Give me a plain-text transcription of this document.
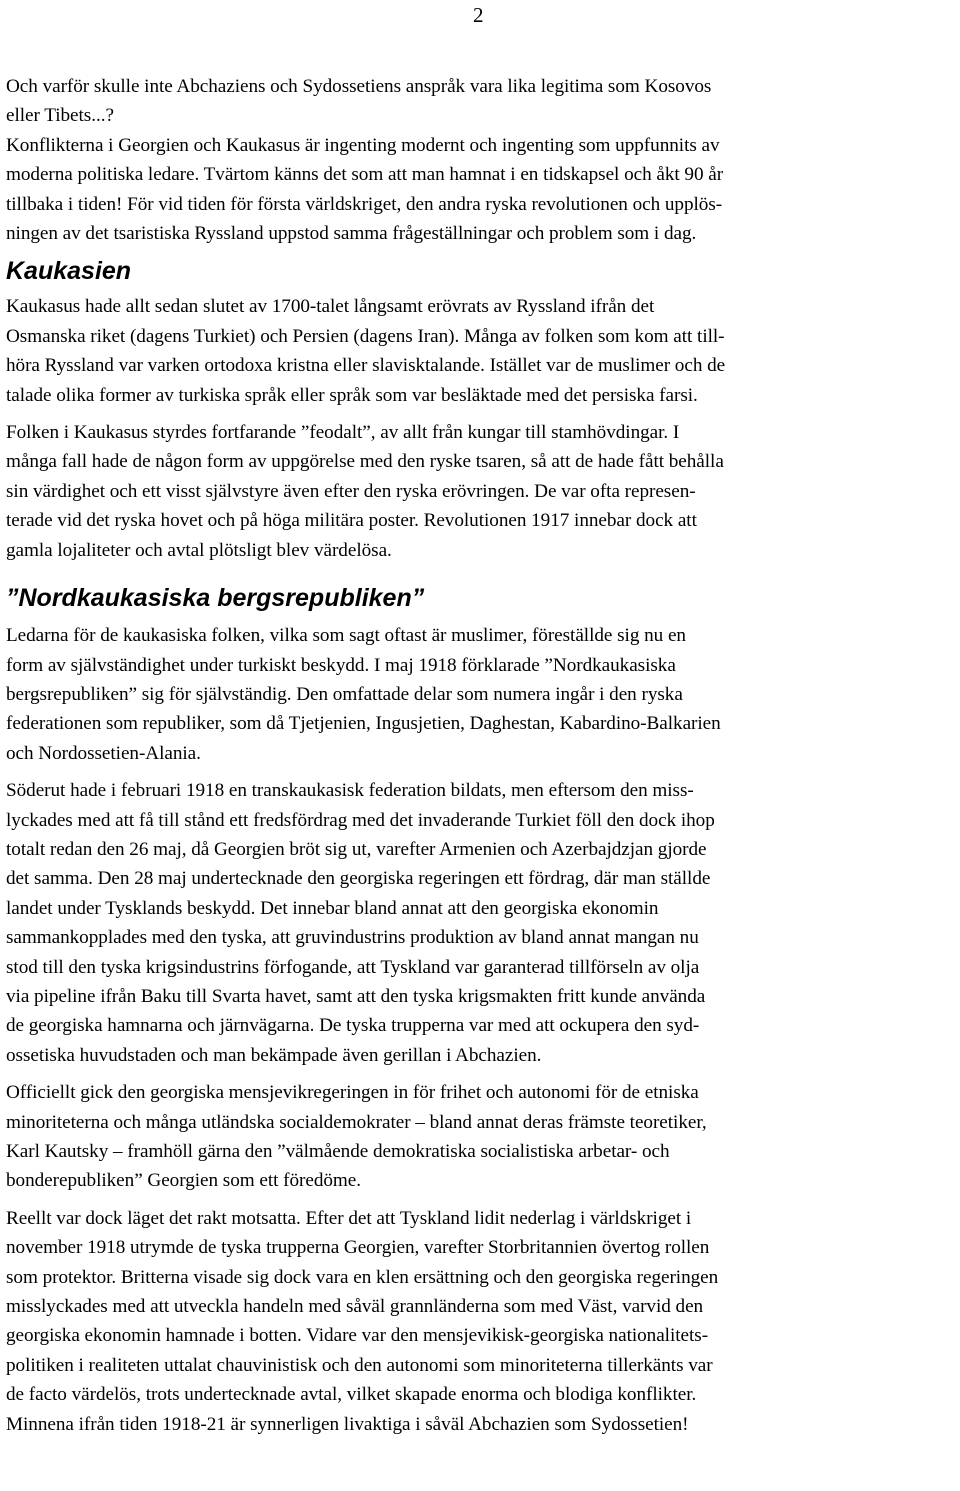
2

Och varför skulle inte Abchaziens och Sydossetiens anspråk vara lika legitima som Kosovos
eller Tibets...?

Konflikterna i Georgien och Kaukasus är ingenting modernt och ingenting som uppfunnits av
moderna politiska ledare. Tvärtom känns det som att man hamnat i en tidskapsel och åkt 90 år
tillbaka i tiden! För vid tiden för första världskriget, den andra ryska revolutionen och upplös-
ningen av det tsaristiska Ryssland uppstod samma frågeställningar och problem som i dag.

Kaukasien

Kaukasus hade allt sedan slutet av 1700-talet långsamt erövrats av Ryssland ifrån det
Osmanska riket (dagens Turkiet) och Persien (dagens Iran). Många av folken som kom att till-
höra Ryssland var varken ortodoxa kristna eller slavisktalande. Istället var de muslimer och de
talade olika former av turkiska språk eller språk som var besläktade med det persiska farsi.

Folken i Kaukasus styrdes fortfarande ”feodalt”, av allt från kungar till stamhövdingar. I
många fall hade de någon form av uppgörelse med den ryske tsaren, så att de hade fått behålla
sin värdighet och ett visst självstyre även efter den ryska erövringen. De var ofta represen-
terade vid det ryska hovet och på höga militära poster. Revolutionen 1917 innebar dock att
gamla lojaliteter och avtal plötsligt blev värdelösa.

”Nordkaukasiska bergsrepubliken”

Ledarna för de kaukasiska folken, vilka som sagt oftast är muslimer, föreställde sig nu en
form av självständighet under turkiskt beskydd. I maj 1918 förklarade ”Nordkaukasiska
bergsrepubliken” sig för självständig. Den omfattade delar som numera ingår i den ryska
federationen som republiker, som då Tjetjenien, Ingusjetien, Daghestan, Kabardino-Balkarien
och Nordossetien-Alania.

Söderut hade i februari 1918 en transkaukasisk federation bildats, men eftersom den miss-
lyckades med att få till stånd ett fredsfördrag med det invaderande Turkiet föll den dock ihop
totalt redan den 26 maj, då Georgien bröt sig ut, varefter Armenien och Azerbajdzjan gjorde
det samma. Den 28 maj undertecknade den georgiska regeringen ett fördrag, där man ställde
landet under Tysklands beskydd. Det innebar bland annat att den georgiska ekonomin
sammankopplades med den tyska, att gruvindustrins produktion av bland annat mangan nu
stod till den tyska krigsindustrins förfogande, att Tyskland var garanterad tillförseln av olja
via pipeline ifrån Baku till Svarta havet, samt att den tyska krigsmakten fritt kunde använda
de georgiska hamnarna och järnvägarna. De tyska trupperna var med att ockupera den syd-
ossetiska huvudstaden och man bekämpade även gerillan i Abchazien.

Officiellt gick den georgiska mensjevikregeringen in för frihet och autonomi för de etniska
minoriteterna och många utländska socialdemokrater – bland annat deras främste teoretiker,
Karl Kautsky – framhöll gärna den ”välmående demokratiska socialistiska arbetar- och
bonderepubliken” Georgien som ett föredöme.

Reellt var dock läget det rakt motsatta. Efter det att Tyskland lidit nederlag i världskriget i
november 1918 utrymde de tyska trupperna Georgien, varefter Storbritannien övertog rollen
som protektor. Britterna visade sig dock vara en klen ersättning och den georgiska regeringen
misslyckades med att utveckla handeln med såväl grannländerna som med Väst, varvid den
georgiska ekonomin hamnade i botten. Vidare var den mensjevikisk-georgiska nationalitets-
politiken i realiteten uttalat chauvinistisk och den autonomi som minoriteterna tillerkänts var
de facto värdelös, trots undertecknade avtal, vilket skapade enorma och blodiga konflikter.
Minnena ifrån tiden 1918-21 är synnerligen livaktiga i såväl Abchazien som Sydossetien!
